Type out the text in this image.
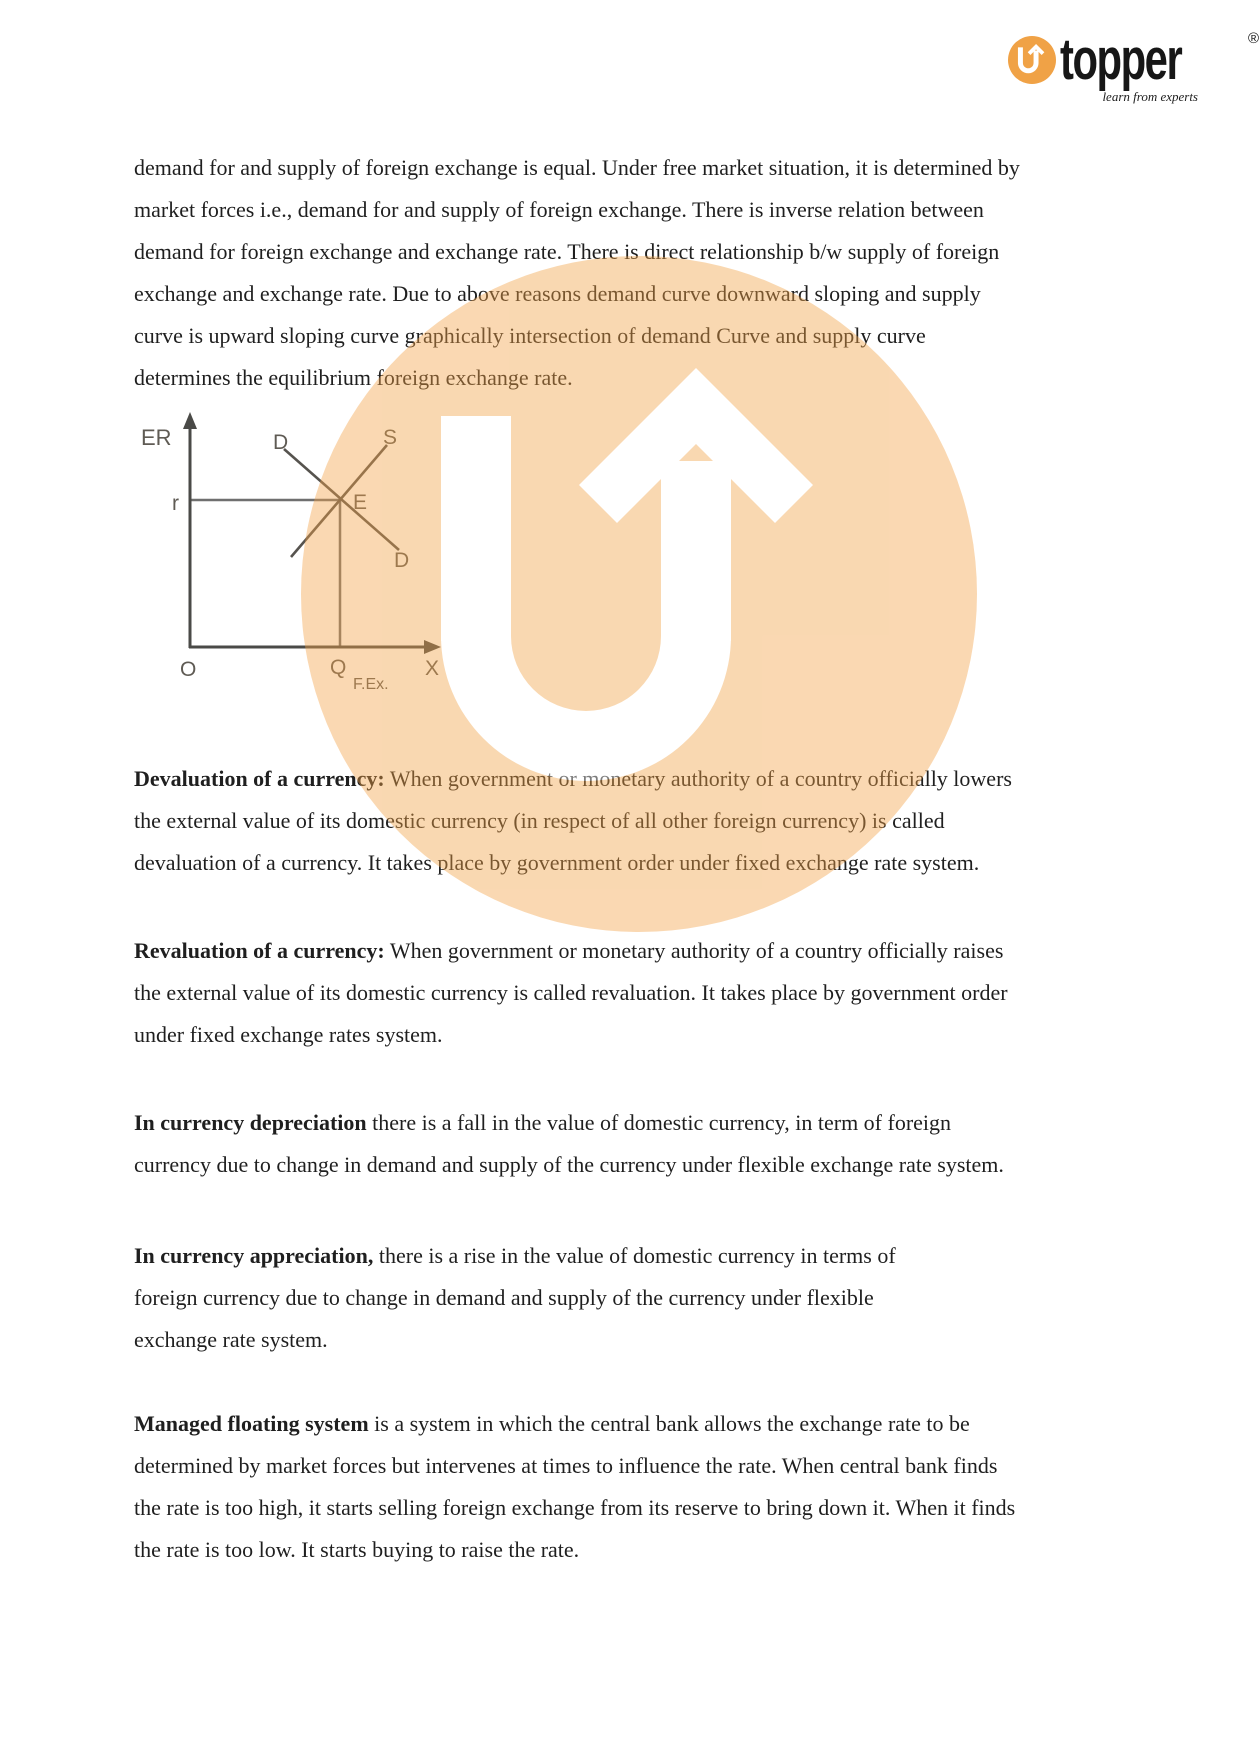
topper	®
learn from experts
demand for and supply of foreign exchange is equal. Under free market situation, it is determined by
market forces i.e., demand for and supply of foreign exchange. There is inverse relation between
demand for foreign exchange and exchange rate. There is direct relationship b/w supply of foreign
exchange and exchange rate. Due to above reasons demand curve downward sloping and supply
curve is upward sloping curve graphically intersection of demand Curve and supply curve
determines the equilibrium foreign exchange rate.
Devaluation of a currency: When government or monetary authority of a country officially lowers
the external value of its domestic currency (in respect of all other foreign currency) is called
devaluation of a currency. It takes place by government order under fixed exchange rate system.
Revaluation of a currency: When government or monetary authority of a country officially raises
the external value of its domestic currency is called revaluation. It takes place by government order
under fixed exchange rates system.
In currency depreciation there is a fall in the value of domestic currency, in term of foreign
currency due to change in demand and supply of the currency under flexible exchange rate system.
In currency appreciation, there is a rise in the value of domestic currency in terms of
foreign currency due to change in demand and supply of the currency under flexible
exchange rate system.
Managed floating system is a system in which the central bank allows the exchange rate to be
determined by market forces but intervenes at times to influence the rate. When central bank finds
the rate is too high, it starts selling foreign exchange from its reserve to bring down it. When it finds
the rate is too low. It starts buying to raise the rate.
ER
r
O
D	S
E
D
Q
F.Ex.
X
